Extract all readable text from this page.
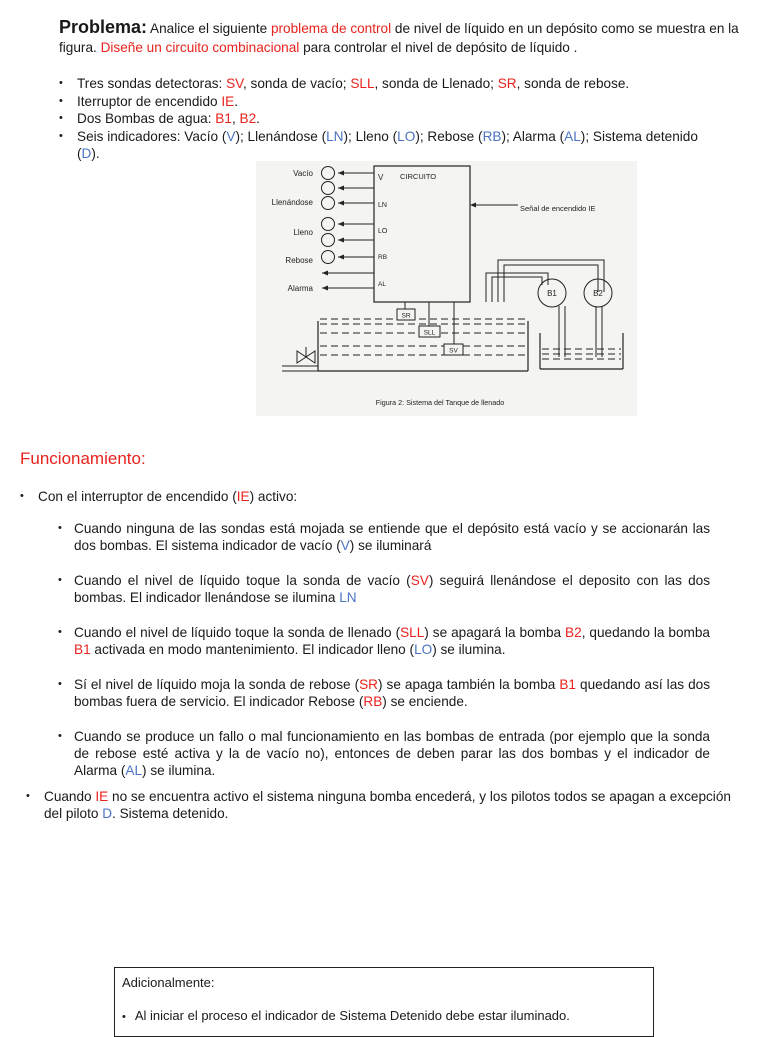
Problema: Analice el siguiente problema de control de nivel de líquido en un depósito como se muestra en la figura. Diseñe un circuito combinacional para controlar el nivel de depósito de líquido .
• Tres sondas detectoras: SV, sonda de vacío; SLL, sonda de Llenado; SR, sonda de rebose.
• Iterruptor de encendido IE.
• Dos Bombas de agua: B1, B2.
• Seis indicadores: Vacío (V); Llenándose (LN); Lleno (LO); Rebose (RB); Alarma (AL); Sistema detenido (D).
Vacío
Llenándose
Lleno
Rebose
Alarma
V CIRCUITO
LN
LO
RB
AL
Señal de encendido IE
B1	B2
SR
SLL
SV
Figura 2: Sistema del Tanque de llenado
Funcionamiento:
• Con el interruptor de encendido (IE) activo:
• Cuando ninguna de las sondas está mojada se entiende que el depósito está vacío y se accionarán las dos bombas. El sistema indicador de vacío (V) se iluminará
• Cuando el nivel de líquido toque la sonda de vacío (SV) seguirá llenándose el deposito con las dos bombas. El indicador llenándose se ilumina LN
• Cuando el nivel de líquido toque la sonda de llenado (SLL) se apagará la bomba B2, quedando la bomba B1 activada en modo mantenimiento. El indicador lleno (LO) se ilumina.
• Sí el nivel de líquido moja la sonda de rebose (SR) se apaga también la bomba B1 quedando así las dos bombas fuera de servicio. El indicador Rebose (RB) se enciende.
• Cuando se produce un fallo o mal funcionamiento en las bombas de entrada (por ejemplo que la sonda de rebose esté activa y la de vacío no), entonces de deben parar las dos bombas y el indicador de Alarma (AL) se ilumina.
• Cuando IE no se encuentra activo el sistema ninguna bomba encederá, y los pilotos todos se apagan a excepción del piloto D. Sistema detenido.
Adicionalmente:
• Al iniciar el proceso el indicador de Sistema Detenido debe estar iluminado.
